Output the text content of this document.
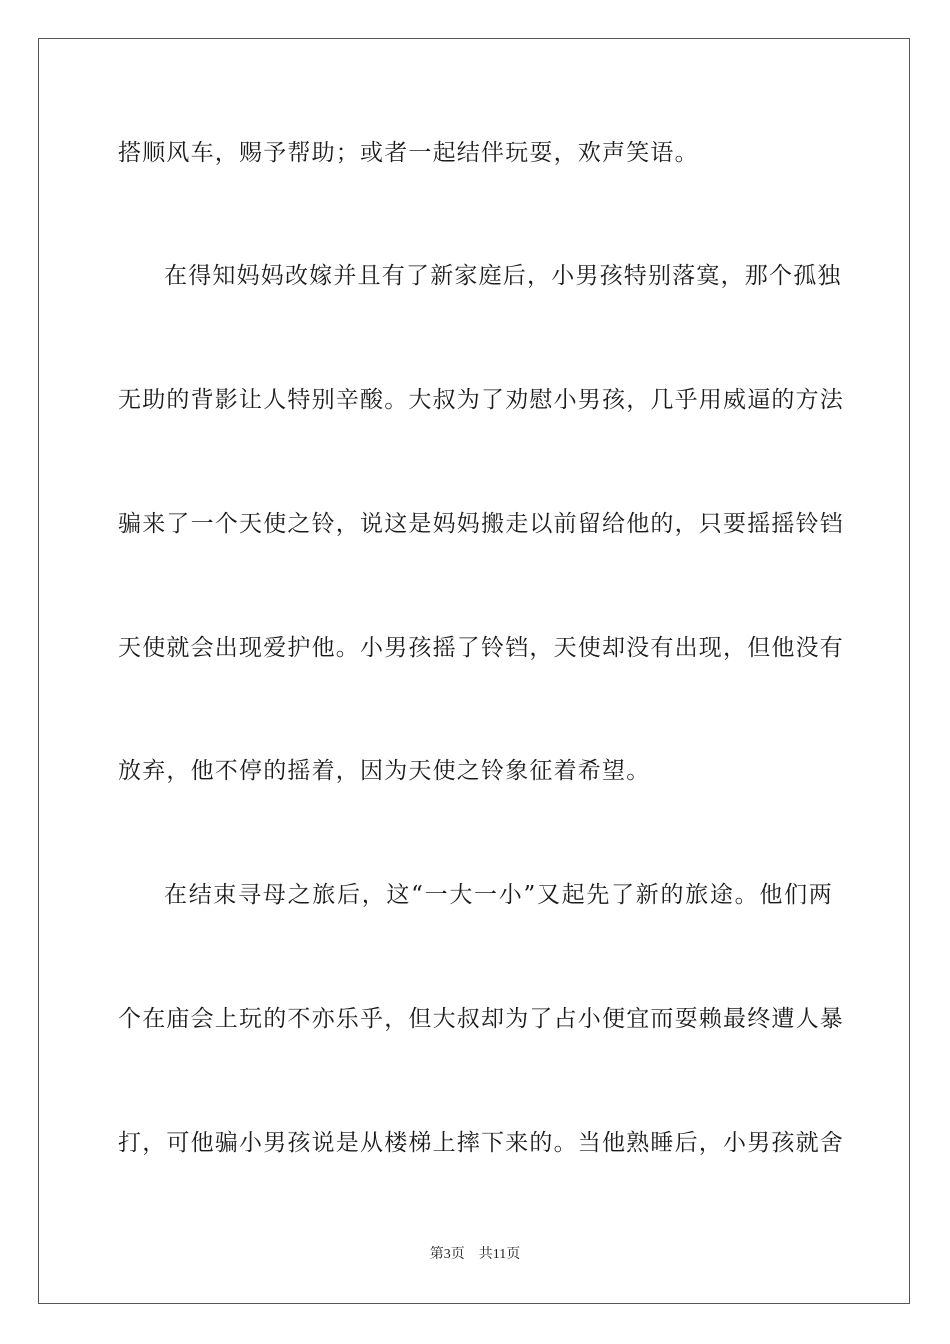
搭顺风车，赐予帮助；或者一起结伴玩耍，欢声笑语。
在得知妈妈改嫁并且有了新家庭后，小男孩特别落寞，那个孤独
无助的背影让人特别辛酸。大叔为了劝慰小男孩，几乎用威逼的方法
骗来了一个天使之铃，说这是妈妈搬走以前留给他的，只要摇摇铃铛
天使就会出现爱护他。小男孩摇了铃铛，天使却没有出现，但他没有
放弃，他不停的摇着，因为天使之铃象征着希望。
在结束寻母之旅后，这“一大一小”又起先了新的旅途。他们两
个在庙会上玩的不亦乐乎，但大叔却为了占小便宜而耍赖最终遭人暴
打，可他骗小男孩说是从楼梯上摔下来的。当他熟睡后，小男孩就舍
第3页 共11页
